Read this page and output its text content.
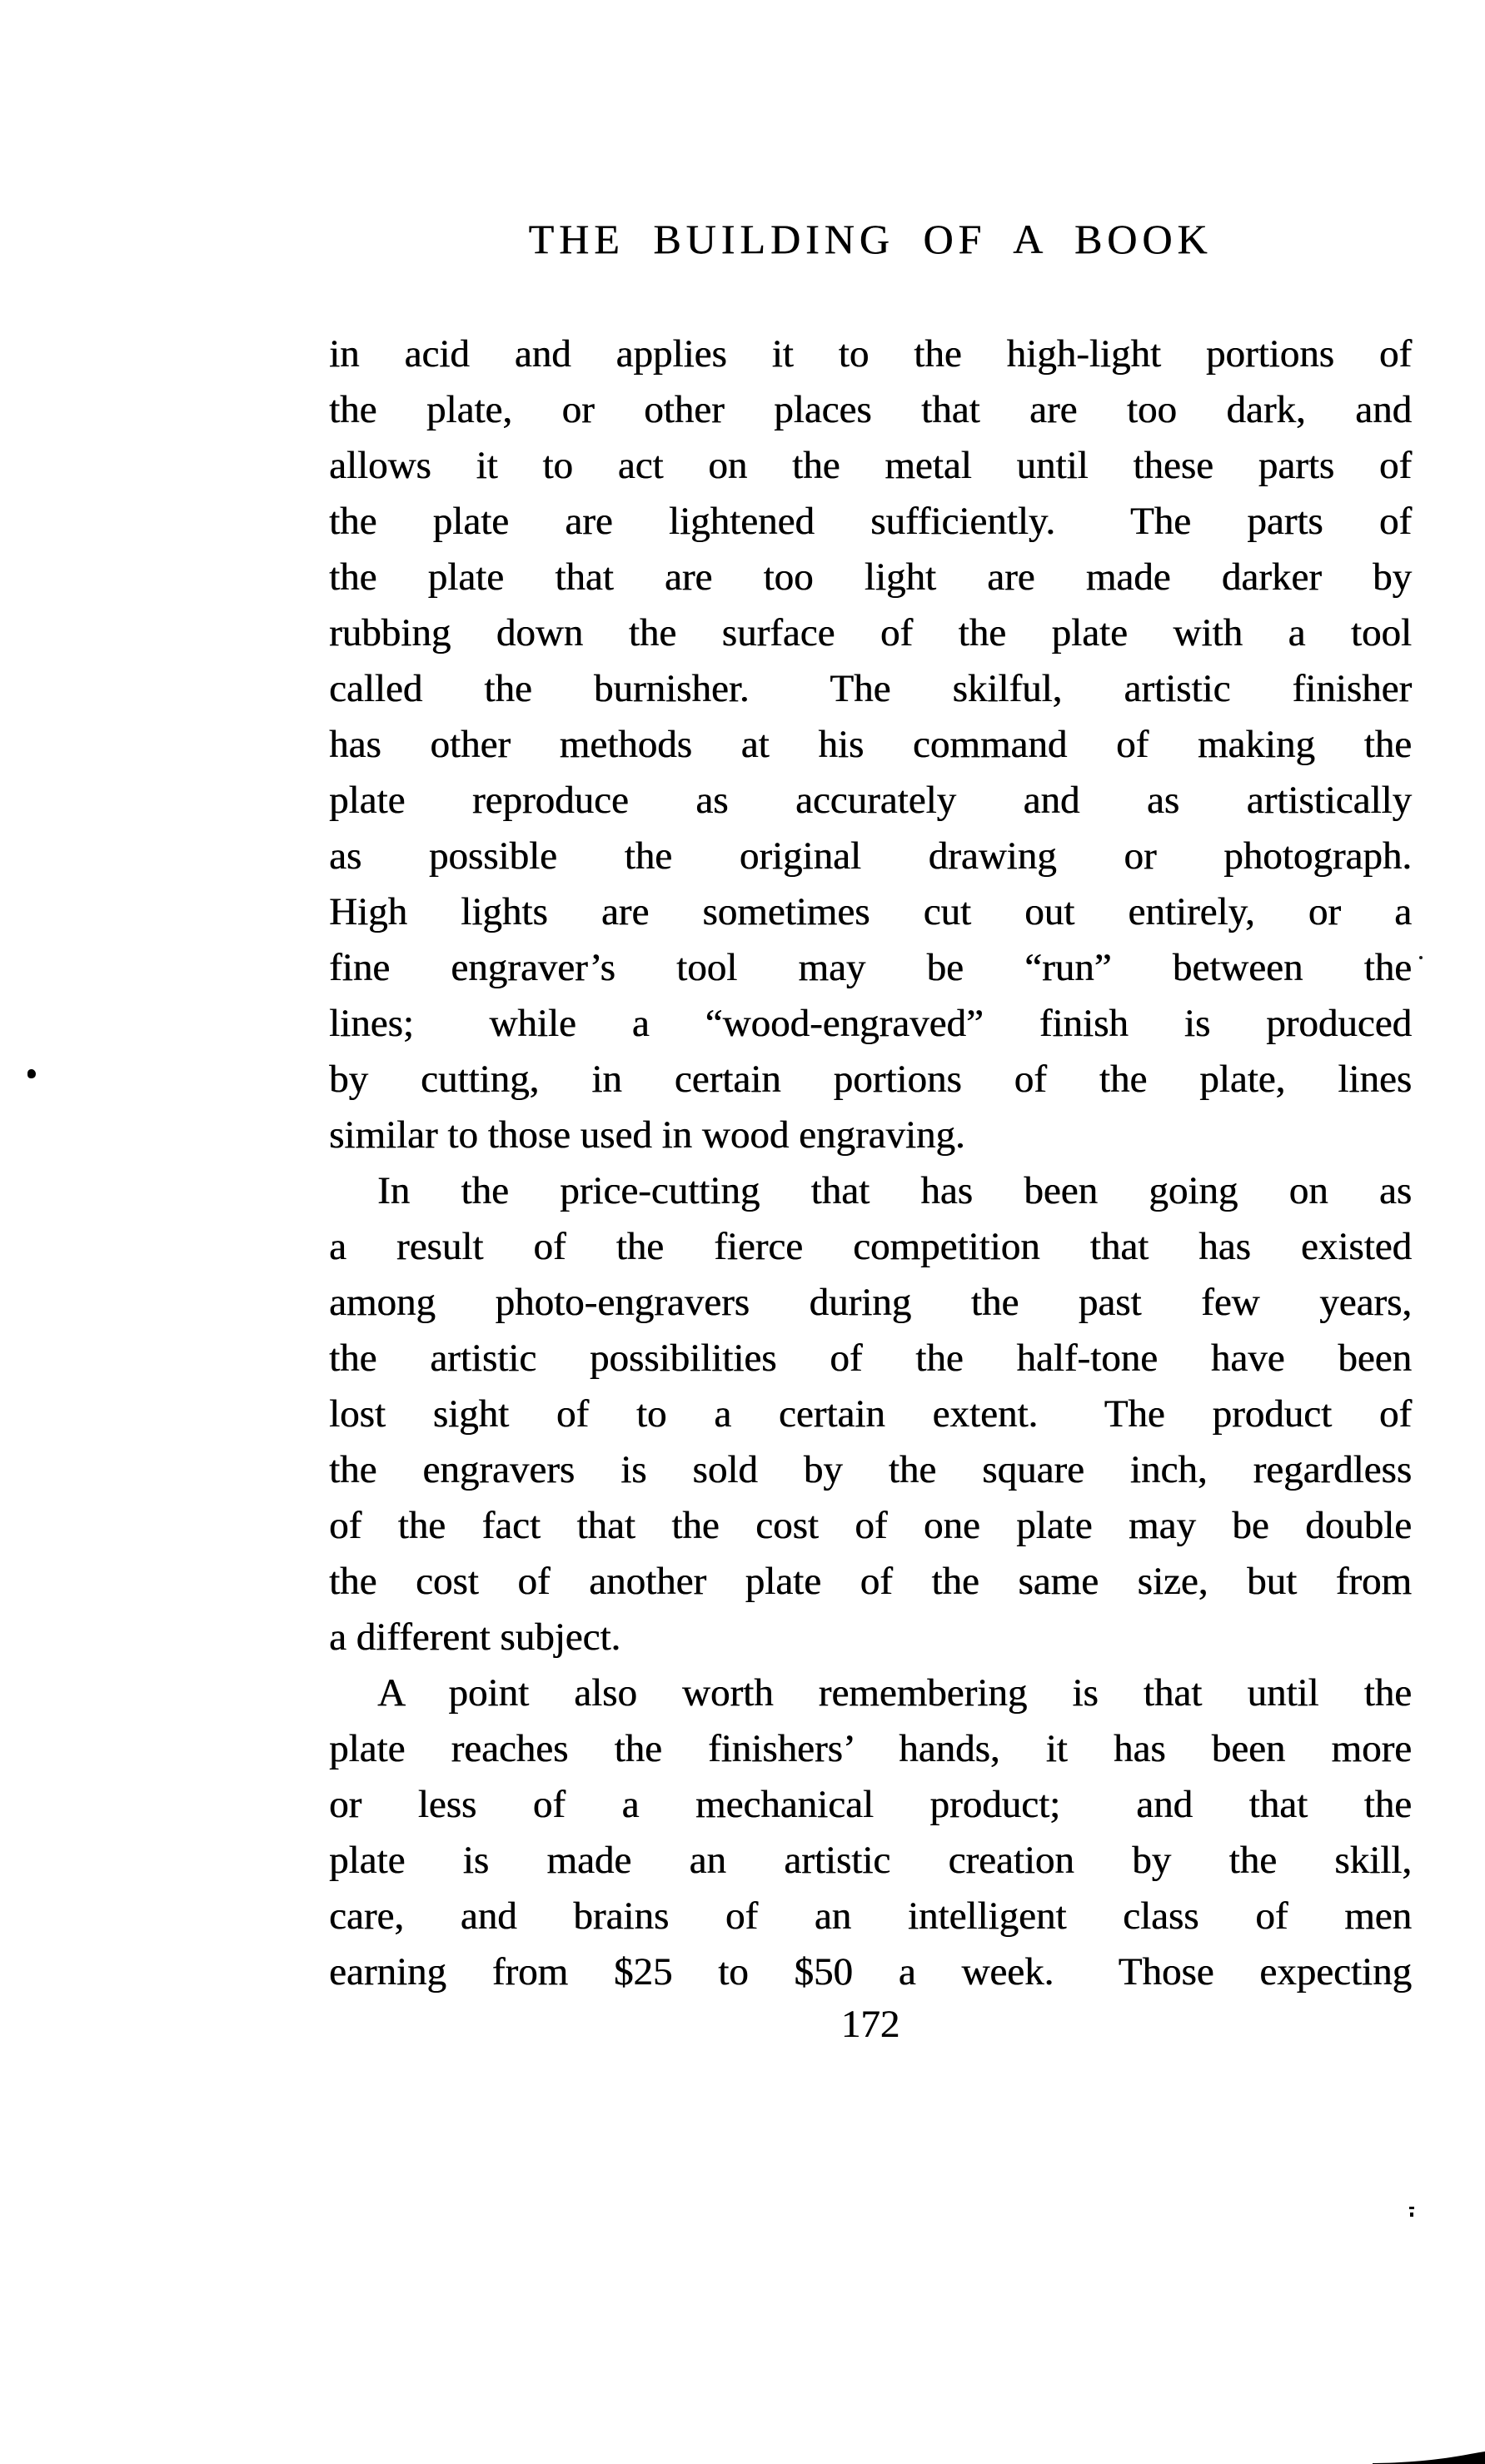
THE BUILDING OF A BOOK
in acid and applies it to the high-light portions of
the plate, or other places that are too dark, and
allows it to act on the metal until these parts of
the plate are lightened sufficiently.  The parts of
the plate that are too light are made darker by
rubbing down the surface of the plate with a tool
called the burnisher.  The skilful, artistic finisher
has other methods at his command of making the
plate reproduce as accurately and as artistically
as possible the original drawing or photograph.
High lights are sometimes cut out entirely, or a
fine engraver’s tool may be “run” between the
lines;  while a “wood-engraved” finish is produced
by cutting, in certain portions of the plate, lines
similar to those used in wood engraving.
In the price-cutting that has been going on as
a result of the fierce competition that has existed
among photo-engravers during the past few years,
the artistic possibilities of the half-tone have been
lost sight of to a certain extent.  The product of
the engravers is sold by the square inch, regardless
of the fact that the cost of one plate may be double
the cost of another plate of the same size, but from
a different subject.
A point also worth remembering is that until the
plate reaches the finishers’ hands, it has been more
or less of a mechanical product;  and that the
plate is made an artistic creation by the skill,
care, and brains of an intelligent class of men
earning from $25 to $50 a week.  Those expecting
172
